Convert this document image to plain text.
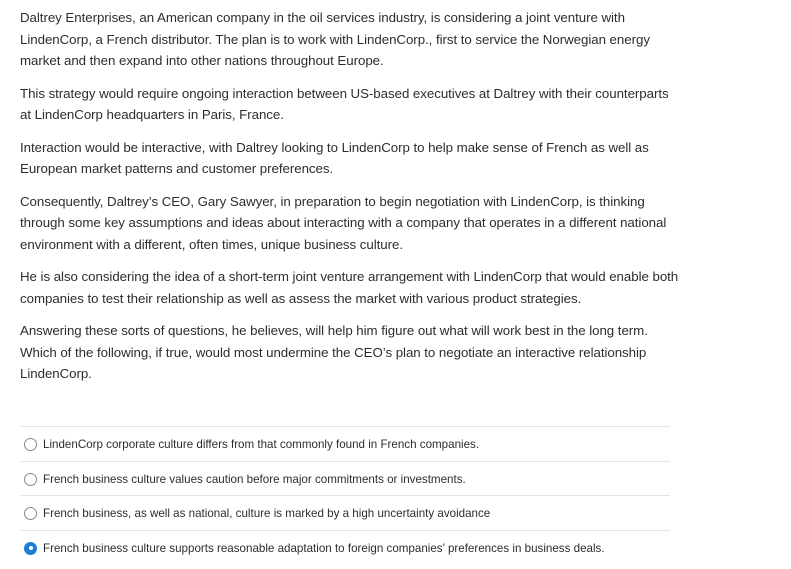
Daltrey Enterprises, an American company in the oil services industry, is considering a joint venture with LindenCorp, a French distributor. The plan is to work with LindenCorp., first to service the Norwegian energy market and then expand into other nations throughout Europe.

This strategy would require ongoing interaction between US-based executives at Daltrey with their counterparts at LindenCorp headquarters in Paris, France.

Interaction would be interactive, with Daltrey looking to LindenCorp to help make sense of French as well as European market patterns and customer preferences.

Consequently, Daltrey’s CEO, Gary Sawyer, in preparation to begin negotiation with LindenCorp, is thinking through some key assumptions and ideas about interacting with a company that operates in a different national environment with a different, often times, unique business culture.

He is also considering the idea of a short-term joint venture arrangement with LindenCorp that would enable both companies to test their relationship as well as assess the market with various product strategies.

Answering these sorts of questions, he believes, will help him figure out what will work best in the long term. Which of the following, if true, would most undermine the CEO’s plan to negotiate an interactive relationship LindenCorp.

LindenCorp corporate culture differs from that commonly found in French companies.
French business culture values caution before major commitments or investments.
French business, as well as national, culture is marked by a high uncertainty avoidance
French business culture supports reasonable adaptation to foreign companies’ preferences in business deals.
